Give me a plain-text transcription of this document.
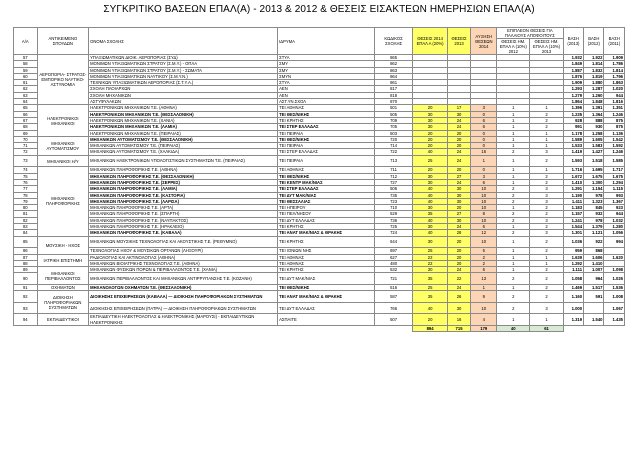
ΣΥΓΚΡΙΤΙΚΟ ΒΑΣΕΩΝ ΕΠΑΛ(Α) - 2013 & 2012 & ΘΕΣΕΙΣ ΕΙΣΑΚΤΕΩΝ ΗΜΕΡΗΣΙΩΝ ΕΠΑΛ(Α)
Α/Α	ΑΝΤΙΚΕΙΜΕΝΟ ΣΠΟΥΔΩΝ	ΟΝΟΜΑ ΣΧΟΛΗΣ	ΙΔΡΥΜΑ	ΚΩΔΙΚΟΣ ΣΧΟΛΗΣ	ΘΕΣΕΙΣ 2014 ΕΠΑΛ Α (20%)	ΘΕΣΕΙΣ 2013	ΑΥΞΗΣΗ ΘΕΣΕΩΝ 2014	ΕΠΙΠΛΕΟΝ ΘΕΣΕΙΣ ΓΙΑ ΠΑΛΑΙΟΥΣ ΑΠΟΦΟΙΤΟΥΣ		ΒΑΣΗ (2013)	ΒΑΣΗ (2012)	ΒΑΣΗ (2011)
								ΘΕΣΕΙΣ ΗΜ. ΕΠΑΛ Α (10%) 2012	ΘΕΣΕΙΣ ΗΜ. ΕΠΑΛ Α (10%) 2013			
57	ΑΕΡΟΠΟΡΙΑ- ΣΤΡΑΤΟΣ- ΕΜΠΟΡΙΚΟ ΝΑΥΤΙΚΟ- ΑΣΤΥΝΟΜΙΑ	ΥΠΑΞΙΩΜΑΤΙΚΩΝ ΔΙΟΙΚ. ΑΕΡΟΠΟΡΙΑΣ (ΣΥΔ)	ΣΤΥΑ	865						1.932	1.922	1.909
58		ΜΟΝΙΜΩΝ ΥΠΑΞΙΩΜΑΤΙΚΩΝ ΣΤΡΑΤΟΥ (Σ.Μ.Υ.) - ΟΠΛΑ	ΣΜΥ	862						1.849	1.814	1.786
59		ΜΟΝΙΜΩΝ ΥΠΑΞΙΩΜΑΤΙΚΩΝ ΣΤΡΑΤΟΥ (Σ.Μ.Υ.) - ΣΩΜΑΤΑ	ΣΜΥ	863						1.887	1.832	1.814
60		ΜΟΝΙΜΩΝ ΥΠΑΞΙΩΜΑΤΙΚΩΝ ΝΑΥΤΙΚΟΥ (Σ.Μ.Υ.Ν.)	ΣΜΥΝ	864						1.876	1.819	1.796
61		ΤΕΧΝΙΚΩΝ ΥΠΑΞΙΩΜΑΤΙΚΩΝ ΑΕΡΟΠΟΡΙΑΣ (Σ.Τ.Υ.Α.)	ΣΤΥΑ	861						1.909	1.880	1.863
62		ΣΧΟΛΗ ΠΛΟΙΑΡΧΩΝ	ΑΕΝ	817						1.293	1.287	1.020
63		ΣΧΟΛΗ ΜΗΧΑΝΙΚΩΝ	ΑΕΝ	818						1.279	1.260	944
64		ΑΣΤΥΦΥΛΑΚΩΝ	ΑΣΤ.ΥΝ.ΣΧΟΛ	870						1.864	1.848	1.816
65	ΗΛΕΚΤΡΟΝΙΚΟΙ ΜΗΧΑΝΙΚΟΙ	ΗΛΕΚΤΡΟΝΙΚΩΝ ΜΗΧΑΝΙΚΩΝ Τ.Ε. (ΑΘΗΝΑ)	ΤΕΙ ΑΘΗΝΑΣ	501	20	17	3	1	1	1.396	1.391	1.351
66		ΗΛΕΚΤΡΟΝΙΚΩΝ ΜΗΧΑΝΙΚΩΝ Τ.Ε. (ΘΕΣΣΑΛΟΝΙΚΗ)	ΤΕΙ ΘΕΣ/ΝΙΚΗΣ	505	30	30	0	1	2	1.235	1.364	1.246
67		ΗΛΕΚΤΡΟΝΙΚΩΝ ΜΗΧΑΝΙΚΩΝ Τ.Ε. (ΧΑΝΙΑ)	ΤΕΙ ΚΡΗΤΗΣ	709	30	24	6	1	2	928	888	875
68		ΗΛΕΚΤΡΟΝΙΚΩΝ ΜΗΧΑΝΙΚΩΝ Τ.Ε. (ΛΑΜΙΑ)	ΤΕΙ ΣΤΕΡ ΕΛΛΑΔΑΣ	705	30	24	6	1	2	991	930	875
69		ΗΛΕΚΤΡΟΝΙΚΩΝ ΜΗΧΑΝΙΚΩΝ Τ.Ε. (ΠΕΙΡΑΙΑΣ)	ΤΕΙ ΠΕΙΡΑΙΑ	503	20	20	0	1	1	1.178	1.258	1.136
70	ΜΗΧΑΝΙΚΟΙ ΑΥΤΟΜΑΤΙΣΜΟΥ	ΜΗΧΑΝΙΚΩΝ ΑΥΤΟΜΑΤΙΣΜΟΥ Τ.Ε. (ΘΕΣΣΑΛΟΝΙΚΗ)	ΤΕΙ ΘΕΣ/ΝΙΚΗΣ	720	20	20	0	1	1	1.589	1.605	1.542
71		ΜΗΧΑΝΙΚΩΝ ΑΥΤΟΜΑΤΙΣΜΟΥ Τ.Ε. (ΠΕΙΡΑΙΑΣ)	ΤΕΙ ΠΕΙΡΑΙΑ	714	20	20	0	1	1	1.533	1.583	1.592
72		ΜΗΧΑΝΙΚΩΝ ΑΥΤΟΜΑΤΙΣΜΟΥ Τ.Ε. (ΧΑΛΚΙΔΑ)	ΤΕΙ ΣΤΕΡ ΕΛΛΑΔΑΣ	722	40	24	16	2	3	1.419	1.427	1.246
73	ΜΗΧΑΝΙΚΟΙ Η/Υ	ΜΗΧΑΝΙΚΩΝ ΗΛΕΚΤΡΟΝΙΚΩΝ ΥΠΟΛΟΓΙΣΤΙΚΩΝ ΣΥΣΤΗΜΑΤΩΝ Τ.Ε. (ΠΕΙΡΑΙΑΣ)	ΤΕΙ ΠΕΙΡΑΙΑ	713	25	24	1	1	2	1.593	1.518	1.585
74	ΜΗΧΑΝΙΚΟΙ ΠΛΗΡΟΦΟΡΙΚΗΣ	ΜΗΧΑΝΙΚΩΝ ΠΛΗΡΟΦΟΡΙΚΗΣ Τ.Ε. (ΑΘΗΝΑ)	ΤΕΙ ΑΘΗΝΑΣ	711	20	20	0	1	1	1.716	1.695	1.717
75		ΜΗΧΑΝΙΚΩΝ ΠΛΗΡΟΦΟΡΙΚΗΣ Τ.Ε. (ΘΕΣΣΑΛΟΝΙΚΗ)	ΤΕΙ ΘΕΣ/ΝΙΚΗΣ	712	30	27	3	1	2	1.672	1.675	1.675
76		ΜΗΧΑΝΙΚΩΝ ΠΛΗΡΟΦΟΡΙΚΗΣ Τ.Ε. (ΣΕΡΡΕΣ)	ΤΕΙ ΚΕΝΤΡ ΜΑΚ/ΝΙΑΣ	727	30	24	6	1	2	1.410	1.300	1.294
77		ΜΗΧΑΝΙΚΩΝ ΠΛΗΡΟΦΟΡΙΚΗΣ Τ.Ε. (ΛΑΜΙΑ)	ΤΕΙ ΣΤΕΡ ΕΛΛΑΔΑΣ	506	40	30	10	2	3	1.291	1.154	1.115
78		ΜΗΧΑΝΙΚΩΝ ΠΛΗΡΟΦΟΡΙΚΗΣ Τ.Ε. (ΚΑΣΤΟΡΙΑ)	ΤΕΙ ΔΥΤ ΜΑΚ/ΝΙΑΣ	735	40	30	10	2	3	1.190	978	993
79		ΜΗΧΑΝΙΚΩΝ ΠΛΗΡΟΦΟΡΙΚΗΣ Τ.Ε. (ΛΑΡΙΣΑ)	ΤΕΙ ΘΕΣΣΑΛΙΑΣ	723	40	30	10	2	3	1.411	1.323	1.367
80		ΜΗΧΑΝΙΚΩΝ ΠΛΗΡΟΦΟΡΙΚΗΣ Τ.Ε. (ΑΡΤΑ)	ΤΕΙ ΗΠΕΙΡΟΥ	710	30	20	10	1	2	1.183	845	923
81		ΜΗΧΑΝΙΚΩΝ ΠΛΗΡΟΦΟΡΙΚΗΣ Τ.Ε. (ΣΠΑΡΤΗ)	ΤΕΙ ΠΕΛ/ΝΗΣΟΥ	529	35	27	8	2	2	1.157	932	944
82		ΜΗΧΑΝΙΚΩΝ ΠΛΗΡΟΦΟΡΙΚΗΣ Τ.Ε. (ΝΑΥΠΑΚΤΟΣ)	ΤΕΙ ΔΥΤ ΕΛΛΑΔΑΣ	736	40	30	10	2	3	1.241	978	1.032
83		ΜΗΧΑΝΙΚΩΝ ΠΛΗΡΟΦΟΡΙΚΗΣ Τ.Ε. (ΗΡΑΚΛΕΙΟ)	ΤΕΙ ΚΡΗΤΗΣ	725	30	24	6	1	2	1.544	1.379	1.280
84		ΜΗΧΑΝΙΚΩΝ ΠΛΗΡΟΦΟΡΙΚΗΣ Τ.Ε. (ΚΑΒΑΛΑ)	ΤΕΙ ΑΝΑΤ ΜΑΚ/ΝΙΑΣ & ΘΡΑΚΗΣ	724	40	28	12	2	3	1.301	1.121	1.056
85	ΜΟΥΣΙΚΗ - ΗΧΟΣ	ΜΗΧΑΝΙΚΩΝ ΜΟΥΣΙΚΗΣ ΤΕΧΝΟΛΟΓΙΑΣ ΚΑΙ ΑΚΟΥΣΤΙΚΗΣ Τ.Ε. (ΡΕΘΥΜΝΟ)	ΤΕΙ ΚΡΗΤΗΣ	644	30	20	10	1	2	1.036	922	994
86		ΤΕΧΝΟΛΟΓΙΑΣ ΗΧΟΥ & ΜΟΥΣΙΚΩΝ ΟΡΓΑΝΩΝ (ΛΗΞΟΥΡΙ)	ΤΕΙ ΙΟΝΙΩΝ ΝΗΣ	697	25	20	5	1	2	959	868	
87	ΙΑΤΡΙΚΗ ΕΠΙΣΤΗΜΗ	ΡΑΔΙΟΛΟΓΙΑΣ ΚΑΙ ΑΚΤΙΝΟΛΟΓΙΑΣ (ΑΘΗΝΑ)	ΤΕΙ ΑΘΗΝΑΣ	627	22	20	2	1	1	1.639	1.606	1.620
88		ΜΗΧΑΝΙΚΩΝ ΒΙΟΙΑΤΡΙΚΗΣ ΤΕΧΝΟΛΟΓΙΑΣ Τ.Ε. (ΑΘΗΝΑ)	ΤΕΙ ΑΘΗΝΑΣ	480	22	20	2	1	1	1.292	1.410	
89	ΜΗΧΑΝΙΚΟΙ ΠΕΡΙΒΑΛΛΟΝΤΟΣ	ΜΗΧΑΝΙΚΩΝ ΦΥΣΙΚΩΝ ΠΟΡΩΝ & ΠΕΡΙΒΑΛΛΟΝΤΟΣ Τ.Ε. (ΧΑΝΙΑ)	ΤΕΙ ΚΡΗΤΗΣ	532	30	24	6	1	2	1.111	1.007	1.098
90		ΜΗΧΑΝΙΚΩΝ ΠΕΡΙΒΑΛΛΟΝΤΟΣ ΚΑΙ ΜΗΧΑΝΙΚΩΝ ΑΝΤΙΡΡΥΠΑΝΣΗΣ Τ.Ε. (ΚΟΖΑΝΗ)	ΤΕΙ ΔΥΤ ΜΑΚ/ΝΙΑΣ	721	35	22	13	2	2	1.058	964	1.026
91	ΟΧΗΜΑΤΩΝ	ΜΗΧΑΝΟΛΟΓΩΝ ΟΧΗΜΑΤΩΝ Τ.Ε. (ΘΕΣΣΑΛΟΝΙΚΗ)	ΤΕΙ ΘΕΣ/ΝΙΚΗΣ	516	25	24	1	1	2	1.469	1.517	1.536
92	ΔΙΟΙΚΗΣΗ ΠΛΗΡΟΦΟΡΙΑΚΩΝ ΣΥΣΤΗΜΑΤΩΝ	ΔΙΟΙΚΗΣΗΣ ΕΠΙΧΕΙΡΗΣΕΩΝ (ΚΑΒΑΛΑ) — ΔΙΟΙΚΗΣΗ ΠΛΗΡΟΦΟΡΙΑΚΩΝ ΣΥΣΤΗΜΑΤΩΝ	ΤΕΙ ΑΝΑΤ ΜΑΚ/ΝΙΑΣ & ΘΡΑΚΗΣ	587	35	26	9	2	2	1.160	591	1.008
93		ΔΙΟΙΚΗΣΗΣ ΕΠΙΧΕΙΡΗΣΕΩΝ (ΠΑΤΡΑ) — ΔΙΟΙΚΗΣΗ ΠΛΗΡΟΦΟΡΙΑΚΩΝ ΣΥΣΤΗΜΑΤΩΝ	ΤΕΙ ΔΥΤ ΕΛΛΑΔΑΣ	766	40	30	10	2	3	1.000		1.067
94	ΕΚΠΑΙΔΕΥΤΙΚΟΙ	ΕΚΠΑΙΔΕΥΤΙΚΗ ΗΛΕΚΤΡΟΛΟΓΙΑΣ & ΗΛΕΚΤΡΟΝΙΚΗΣ (ΜΑΡΟΥΣΙ) - ΕΚΠΑΙΔΕΥΤΙΚΩΝ ΗΛΕΚΤΡΟΝΙΚΗΣ	ΑΣΠΑΙΤΕ	507	20	16	4	1	1	1.319	1.540	1.435
					894	715	179	40	61			
